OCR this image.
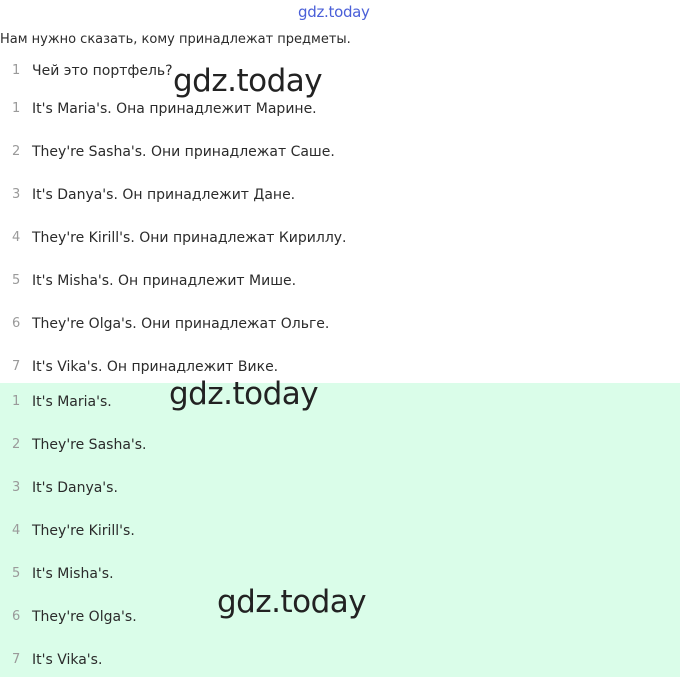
gdz.today
Нам нужно сказать, кому принадлежат предметы.
1 Чей это портфель?
1 It's Maria's. Она принадлежит Марине.
2 They're Sasha's. Они принадлежат Саше.
3 It's Danya's. Он принадлежит Дане.
4 They're Kirill's. Они принадлежат Кириллу.
5 It's Misha's. Он принадлежит Мише.
6 They're Olga's. Они принадлежат Ольге.
7 It's Vika's. Он принадлежит Вике.
1 It's Maria's.
2 They're Sasha's.
3 It's Danya's.
4 They're Kirill's.
5 It's Misha's.
6 They're Olga's.
7 It's Vika's.
gdz.today
gdz.today
gdz.today
